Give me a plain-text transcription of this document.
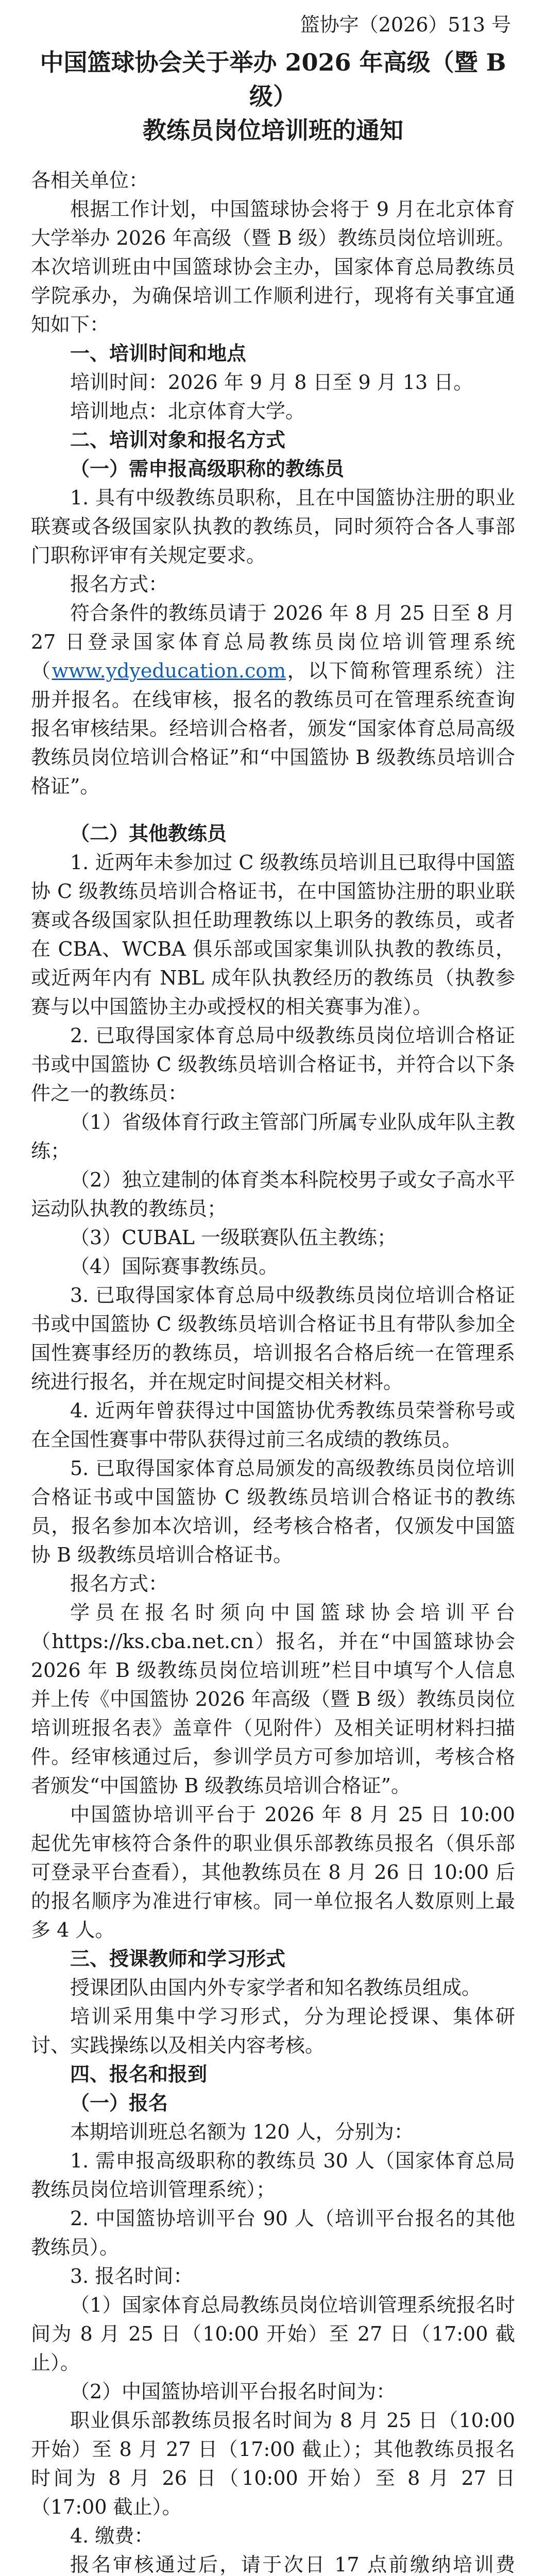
篮协字（2026）513 号
中国篮球协会关于举办 2026 年高级（暨 B 级）
教练员岗位培训班的通知

各相关单位：

根据工作计划，中国篮球协会将于 9 月在北京体育大学举办 2026 年高级（暨 B 级）教练员岗位培训班。本次培训班由中国篮球协会主办，国家体育总局教练员学院承办，为确保培训工作顺利进行，现将有关事宜通知如下：

一、培训时间和地点

培训时间：2026 年 9 月 8 日至 9 月 13 日。

培训地点：北京体育大学。

二、培训对象和报名方式

（一）需申报高级职称的教练员

1. 具有中级教练员职称，且在中国篮协注册的职业联赛或各级国家队执教的教练员，同时须符合各人事部门职称评审有关规定要求。

报名方式：

符合条件的教练员请于 2026 年 8 月 25 日至 8 月 27 日登录国家体育总局教练员岗位培训管理系统（www.ydyeducation.com，以下简称管理系统）注册并报名。在线审核，报名的教练员可在管理系统查询报名审核结果。经培训合格者，颁发“国家体育总局高级教练员岗位培训合格证”和“中国篮协 B 级教练员培训合格证”。

（二）其他教练员

1. 近两年未参加过 C 级教练员培训且已取得中国篮协 C 级教练员培训合格证书，在中国篮协注册的职业联赛或各级国家队担任助理教练以上职务的教练员，或者在 CBA、WCBA 俱乐部或国家集训队执教的教练员，或近两年内有 NBL 成年队执教经历的教练员（执教参赛与以中国篮协主办或授权的相关赛事为准）。

2. 已取得国家体育总局中级教练员岗位培训合格证书或中国篮协 C 级教练员培训合格证书，并符合以下条件之一的教练员：

（1）省级体育行政主管部门所属专业队成年队主教练；

（2）独立建制的体育类本科院校男子或女子高水平运动队执教的教练员；

（3）CUBAL 一级联赛队伍主教练；

（4）国际赛事教练员。

3. 已取得国家体育总局中级教练员岗位培训合格证书或中国篮协 C 级教练员培训合格证书且有带队参加全国性赛事经历的教练员，培训报名合格后统一在管理系统进行报名，并在规定时间提交相关材料。

4. 近两年曾获得过中国篮协优秀教练员荣誉称号或在全国性赛事中带队获得过前三名成绩的教练员。

5. 已取得国家体育总局颁发的高级教练员岗位培训合格证书或中国篮协 C 级教练员培训合格证书的教练员，报名参加本次培训，经考核合格者，仅颁发中国篮协 B 级教练员培训合格证书。

报名方式：

学员在报名时须向中国篮球协会培训平台（https://ks.cba.net.cn）报名，并在“中国篮球协会 2026 年 B 级教练员岗位培训班”栏目中填写个人信息并上传《中国篮协 2026 年高级（暨 B 级）教练员岗位培训班报名表》盖章件（见附件）及相关证明材料扫描件。经审核通过后，参训学员方可参加培训，考核合格者颁发“中国篮协 B 级教练员培训合格证”。

中国篮协培训平台于 2026 年 8 月 25 日 10:00 起优先审核符合条件的职业俱乐部教练员报名（俱乐部可登录平台查看），其他教练员在 8 月 26 日 10:00 后的报名顺序为准进行审核。同一单位报名人数原则上最多 4 人。

三、授课教师和学习形式

授课团队由国内外专家学者和知名教练员组成。

培训采用集中学习形式，分为理论授课、集体研讨、实践操练以及相关内容考核。

四、报名和报到

（一）报名

本期培训班总名额为 120 人，分别为：

1. 需申报高级职称的教练员 30 人（国家体育总局教练员岗位培训管理系统）；

2. 中国篮协培训平台 90 人（培训平台报名的其他教练员）。

3. 报名时间：

（1）国家体育总局教练员岗位培训管理系统报名时间为 8 月 25 日（10:00 开始）至 27 日（17:00 截止）。

（2）中国篮协培训平台报名时间为：

职业俱乐部教练员报名时间为 8 月 25 日（10:00 开始）至 8 月 27 日（17:00 截止）；其他教练员报名时间为 8 月 26 日（10:00 开始）至 8 月 27 日（17:00 截止）。

4. 缴费：

报名审核通过后，请于次日 17 点前缴纳培训费
